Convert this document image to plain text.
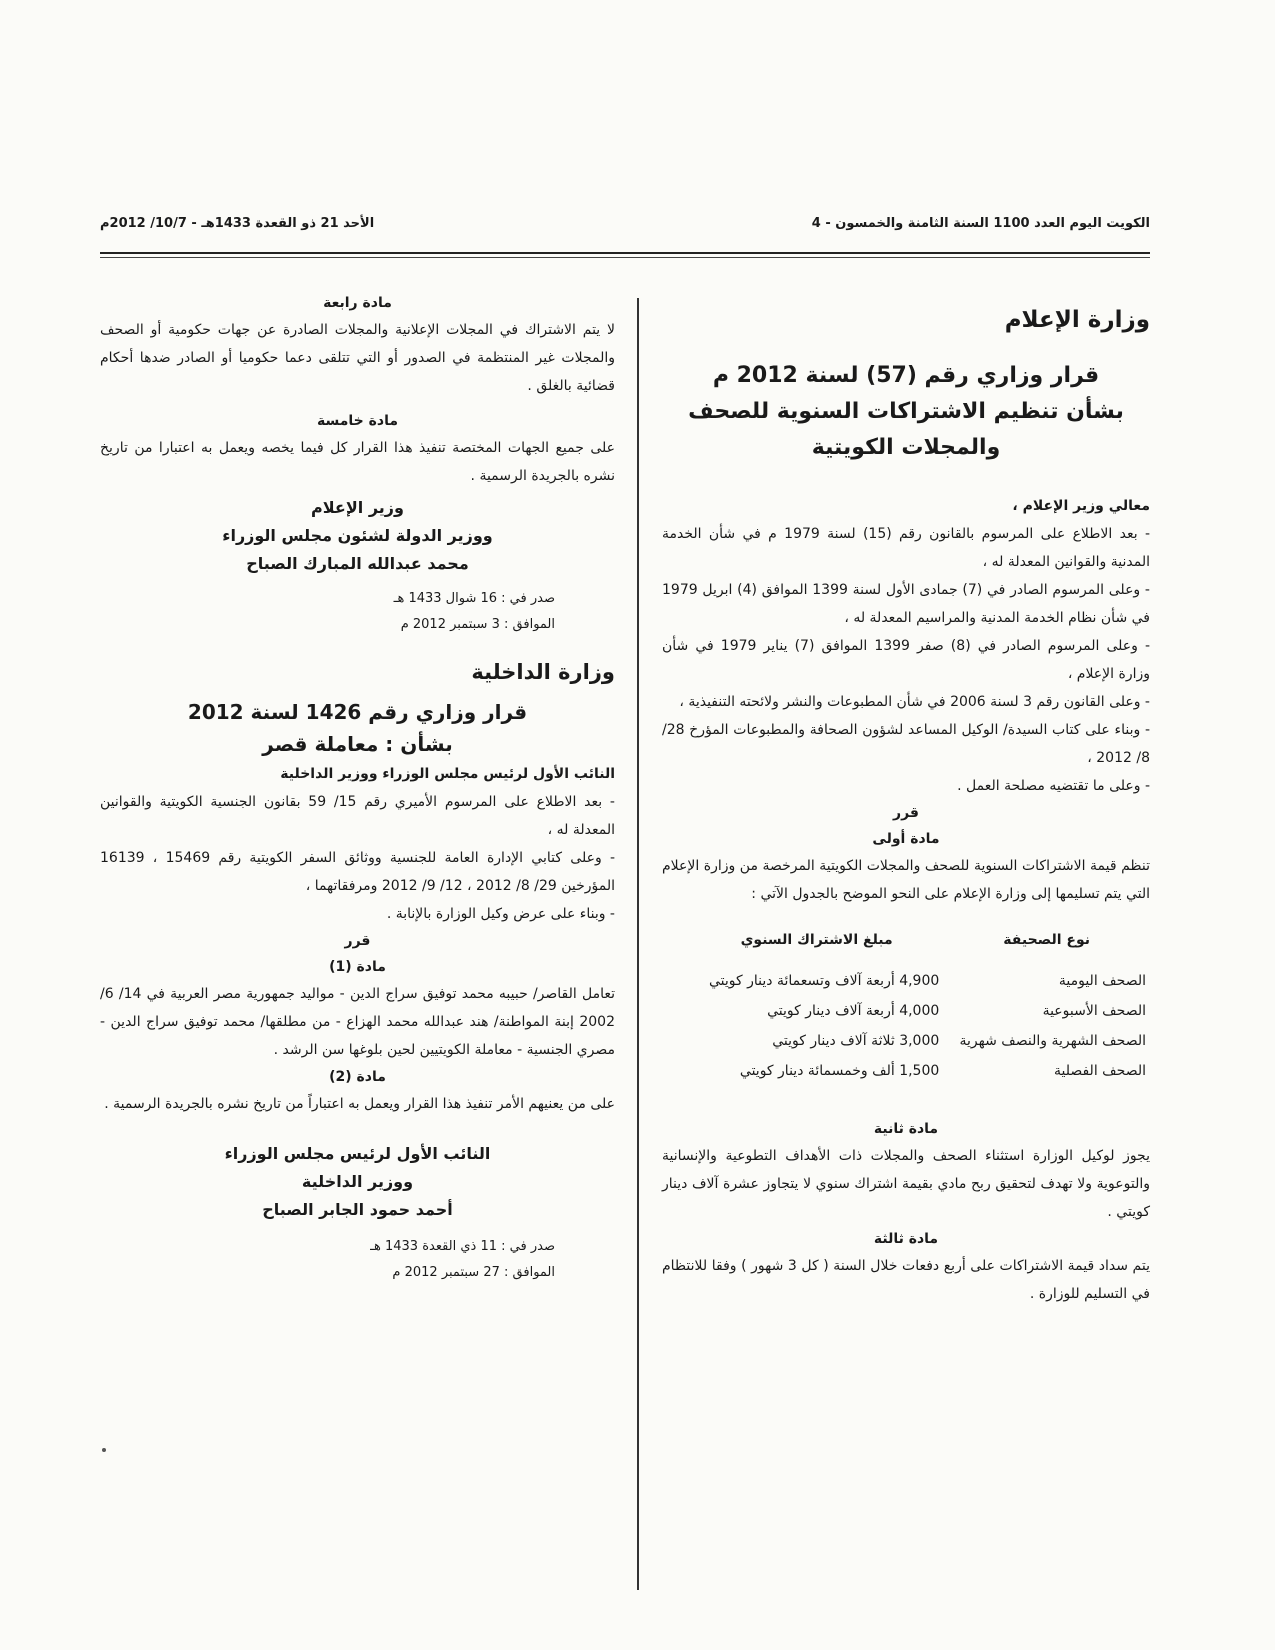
الكويت اليوم العدد 1100 السنة الثامنة والخمسون - 4
الأحد 21 ذو القعدة 1433هـ - 10/7/ 2012م
وزارة الإعلام
قرار وزاري رقم (57) لسنة 2012 م
بشأن تنظيم الاشتراكات السنوية للصحف
والمجلات الكويتية

معالي وزير الإعلام ،

- بعد الاطلاع على المرسوم بالقانون رقم (15) لسنة 1979 م في شأن الخدمة المدنية والقوانين المعدلة له ،

- وعلى المرسوم الصادر في (7) جمادى الأول لسنة 1399 الموافق (4) ابريل 1979 في شأن نظام الخدمة المدنية والمراسيم المعدلة له ،

- وعلى المرسوم الصادر في (8) صفر 1399 الموافق (7) يناير 1979 في شأن وزارة الإعلام ،

- وعلى القانون رقم 3 لسنة 2006 في شأن المطبوعات والنشر ولائحته التنفيذية ،

- وبناء على كتاب السيدة/ الوكيل المساعد لشؤون الصحافة والمطبوعات المؤرخ 28/ 8/ 2012 ،

- وعلى ما تقتضيه مصلحة العمل .

قرر
مادة أولى

تنظم قيمة الاشتراكات السنوية للصحف والمجلات الكويتية المرخصة من وزارة الإعلام التي يتم تسليمها إلى وزارة الإعلام على النحو الموضح بالجدول الآتي :

نوع الصحيفة	مبلغ الاشتراك السنوي
الصحف اليومية	4,900 أربعة آلاف وتسعمائة دينار كويتي
الصحف الأسبوعية	4,000 أربعة آلاف دينار كويتي
الصحف الشهرية والنصف شهرية	3,000 ثلاثة آلاف دينار كويتي
الصحف الفصلية	1,500 ألف وخمسمائة دينار كويتي
مادة ثانية

يجوز لوكيل الوزارة استثناء الصحف والمجلات ذات الأهداف التطوعية والإنسانية والتوعوية ولا تهدف لتحقيق ربح مادي بقيمة اشتراك سنوي لا يتجاوز عشرة آلاف دينار كويتي .

مادة ثالثة

يتم سداد قيمة الاشتراكات على أربع دفعات خلال السنة ( كل 3 شهور ) وفقا للانتظام في التسليم للوزارة .

مادة رابعة

لا يتم الاشتراك في المجلات الإعلانية والمجلات الصادرة عن جهات حكومية أو الصحف والمجلات غير المنتظمة في الصدور أو التي تتلقى دعما حكوميا أو الصادر ضدها أحكام قضائية بالغلق .

مادة خامسة

على جميع الجهات المختصة تنفيذ هذا القرار كل فيما يخصه ويعمل به اعتبارا من تاريخ نشره بالجريدة الرسمية .

وزير الإعلام
ووزير الدولة لشئون مجلس الوزراء
محمد عبدالله المبارك الصباح
صدر في : 16 شوال 1433 هـ
الموافق : 3 سبتمبر 2012 م
وزارة الداخلية
قرار وزاري رقم 1426 لسنة 2012
بشأن : معاملة قصر

النائب الأول لرئيس مجلس الوزراء ووزير الداخلية

- بعد الاطلاع على المرسوم الأميري رقم 15/ 59 بقانون الجنسية الكويتية والقوانين المعدلة له ،

- وعلى كتابي الإدارة العامة للجنسية ووثائق السفر الكويتية رقم 15469 ، 16139 المؤرخين 29/ 8/ 2012 ، 12/ 9/ 2012 ومرفقاتهما ،

- وبناء على عرض وكيل الوزارة بالإنابة .

قرر
مادة (1)

تعامل القاصر/ حبيبه محمد توفيق سراج الدين - مواليد جمهورية مصر العربية في 14/ 6/ 2002 إبنة المواطنة/ هند عبدالله محمد الهزاع - من مطلقها/ محمد توفيق سراج الدين - مصري الجنسية - معاملة الكويتيين لحين بلوغها سن الرشد .

مادة (2)

على من يعنيهم الأمر تنفيذ هذا القرار ويعمل به اعتباراً من تاريخ نشره بالجريدة الرسمية .

النائب الأول لرئيس مجلس الوزراء
ووزير الداخلية
أحمد حمود الجابر الصباح
صدر في : 11 ذي القعدة 1433 هـ
الموافق : 27 سبتمبر 2012 م
